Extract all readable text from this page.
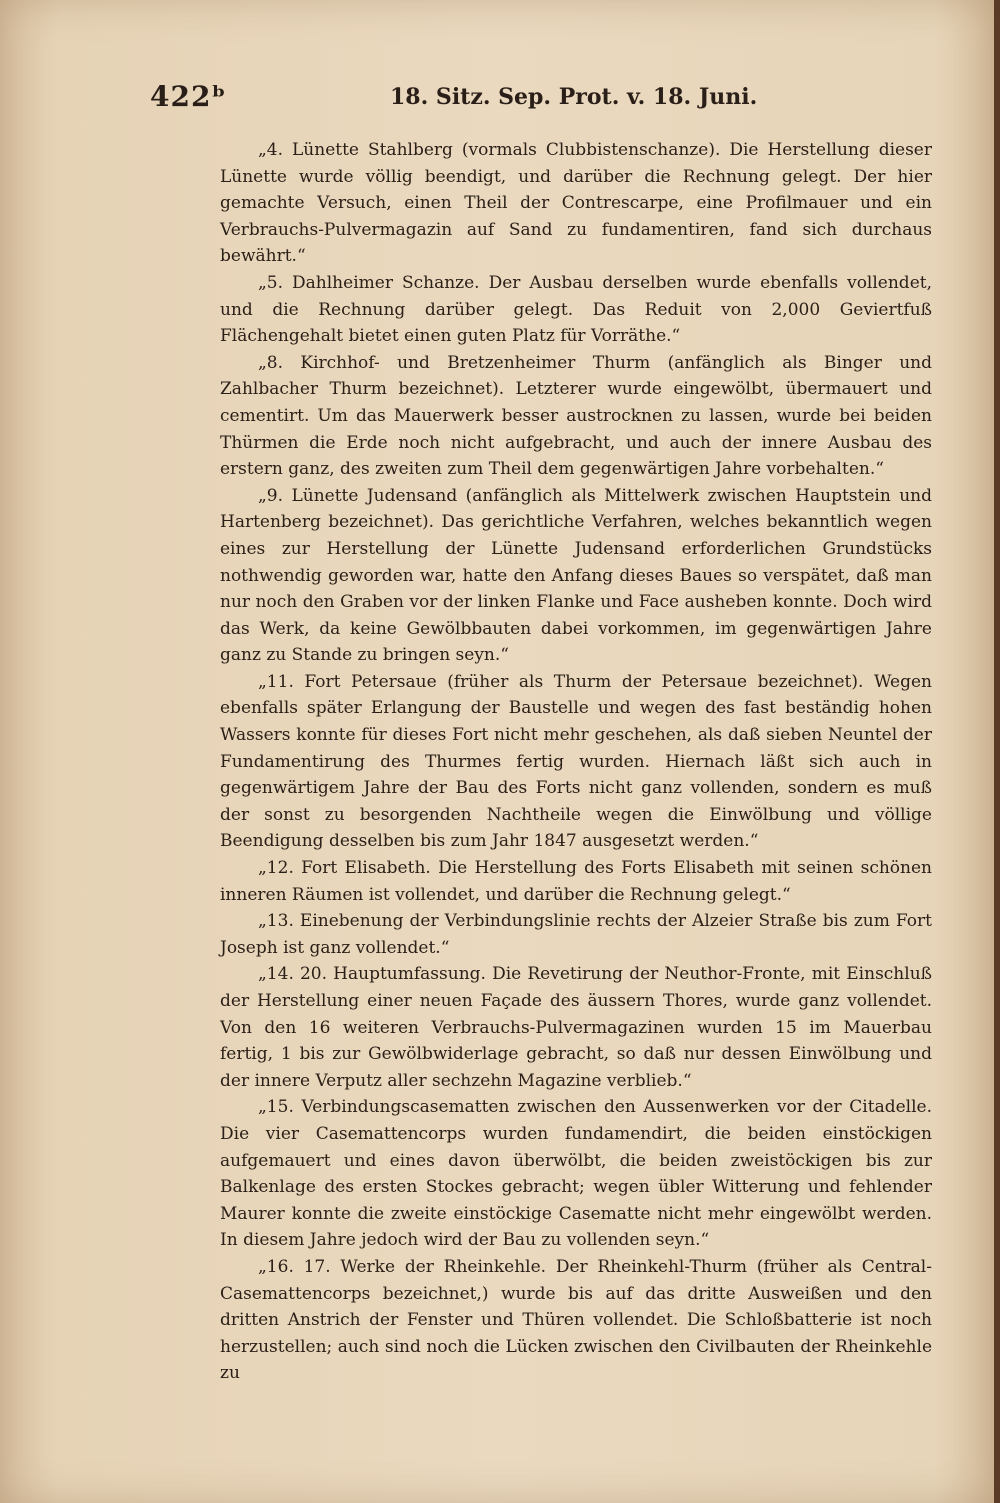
422ᵇ	18. Sitz. Sep. Prot. v. 18. Juni.

„4. Lünette Stahlberg (vormals Clubbistenschanze). Die Herstellung dieser Lünette wurde völlig beendigt, und darüber die Rechnung gelegt. Der hier gemachte Versuch, einen Theil der Contrescarpe, eine Profilmauer und ein Verbrauchs-Pulvermagazin auf Sand zu fundamentiren, fand sich durchaus bewährt.“

„5. Dahlheimer Schanze. Der Ausbau derselben wurde ebenfalls vollendet, und die Rechnung darüber gelegt. Das Reduit von 2,000 Geviertfuß Flächengehalt bietet einen guten Platz für Vorräthe.“

„8. Kirchhof- und Bretzenheimer Thurm (anfänglich als Binger und Zahlbacher Thurm bezeichnet). Letzterer wurde eingewölbt, übermauert und cementirt. Um das Mauerwerk besser austrocknen zu lassen, wurde bei beiden Thürmen die Erde noch nicht aufgebracht, und auch der innere Ausbau des erstern ganz, des zweiten zum Theil dem gegenwärtigen Jahre vorbehalten.“

„9. Lünette Judensand (anfänglich als Mittelwerk zwischen Hauptstein und Hartenberg bezeichnet). Das gerichtliche Verfahren, welches bekanntlich wegen eines zur Herstellung der Lünette Judensand erforderlichen Grundstücks nothwendig geworden war, hatte den Anfang dieses Baues so verspätet, daß man nur noch den Graben vor der linken Flanke und Face ausheben konnte. Doch wird das Werk, da keine Gewölbbauten dabei vorkommen, im gegenwärtigen Jahre ganz zu Stande zu bringen seyn.“

„11. Fort Petersaue (früher als Thurm der Petersaue bezeichnet). Wegen ebenfalls später Erlangung der Baustelle und wegen des fast beständig hohen Wassers konnte für dieses Fort nicht mehr geschehen, als daß sieben Neuntel der Fundamentirung des Thurmes fertig wurden. Hiernach läßt sich auch in gegenwärtigem Jahre der Bau des Forts nicht ganz vollenden, sondern es muß der sonst zu besorgenden Nachtheile wegen die Einwölbung und völlige Beendigung desselben bis zum Jahr 1847 ausgesetzt werden.“

„12. Fort Elisabeth. Die Herstellung des Forts Elisabeth mit seinen schönen inneren Räumen ist vollendet, und darüber die Rechnung gelegt.“

„13. Einebenung der Verbindungslinie rechts der Alzeier Straße bis zum Fort Joseph ist ganz vollendet.“

„14. 20. Hauptumfassung. Die Revetirung der Neuthor-Fronte, mit Einschluß der Herstellung einer neuen Façade des äussern Thores, wurde ganz vollendet. Von den 16 weiteren Verbrauchs-Pulvermagazinen wurden 15 im Mauerbau fertig, 1 bis zur Gewölbwiderlage gebracht, so daß nur dessen Einwölbung und der innere Verputz aller sechzehn Magazine verblieb.“

„15. Verbindungscasematten zwischen den Aussenwerken vor der Citadelle. Die vier Casemattencorps wurden fundamendirt, die beiden einstöckigen aufgemauert und eines davon überwölbt, die beiden zweistöckigen bis zur Balkenlage des ersten Stockes gebracht; wegen übler Witterung und fehlender Maurer konnte die zweite einstöckige Casematte nicht mehr eingewölbt werden. In diesem Jahre jedoch wird der Bau zu vollenden seyn.“

„16. 17. Werke der Rheinkehle. Der Rheinkehl-Thurm (früher als Central-Casemattencorps bezeichnet,) wurde bis auf das dritte Ausweißen und den dritten Anstrich der Fenster und Thüren vollendet. Die Schloßbatterie ist noch herzustellen; auch sind noch die Lücken zwischen den Civilbauten der Rheinkehle zu
